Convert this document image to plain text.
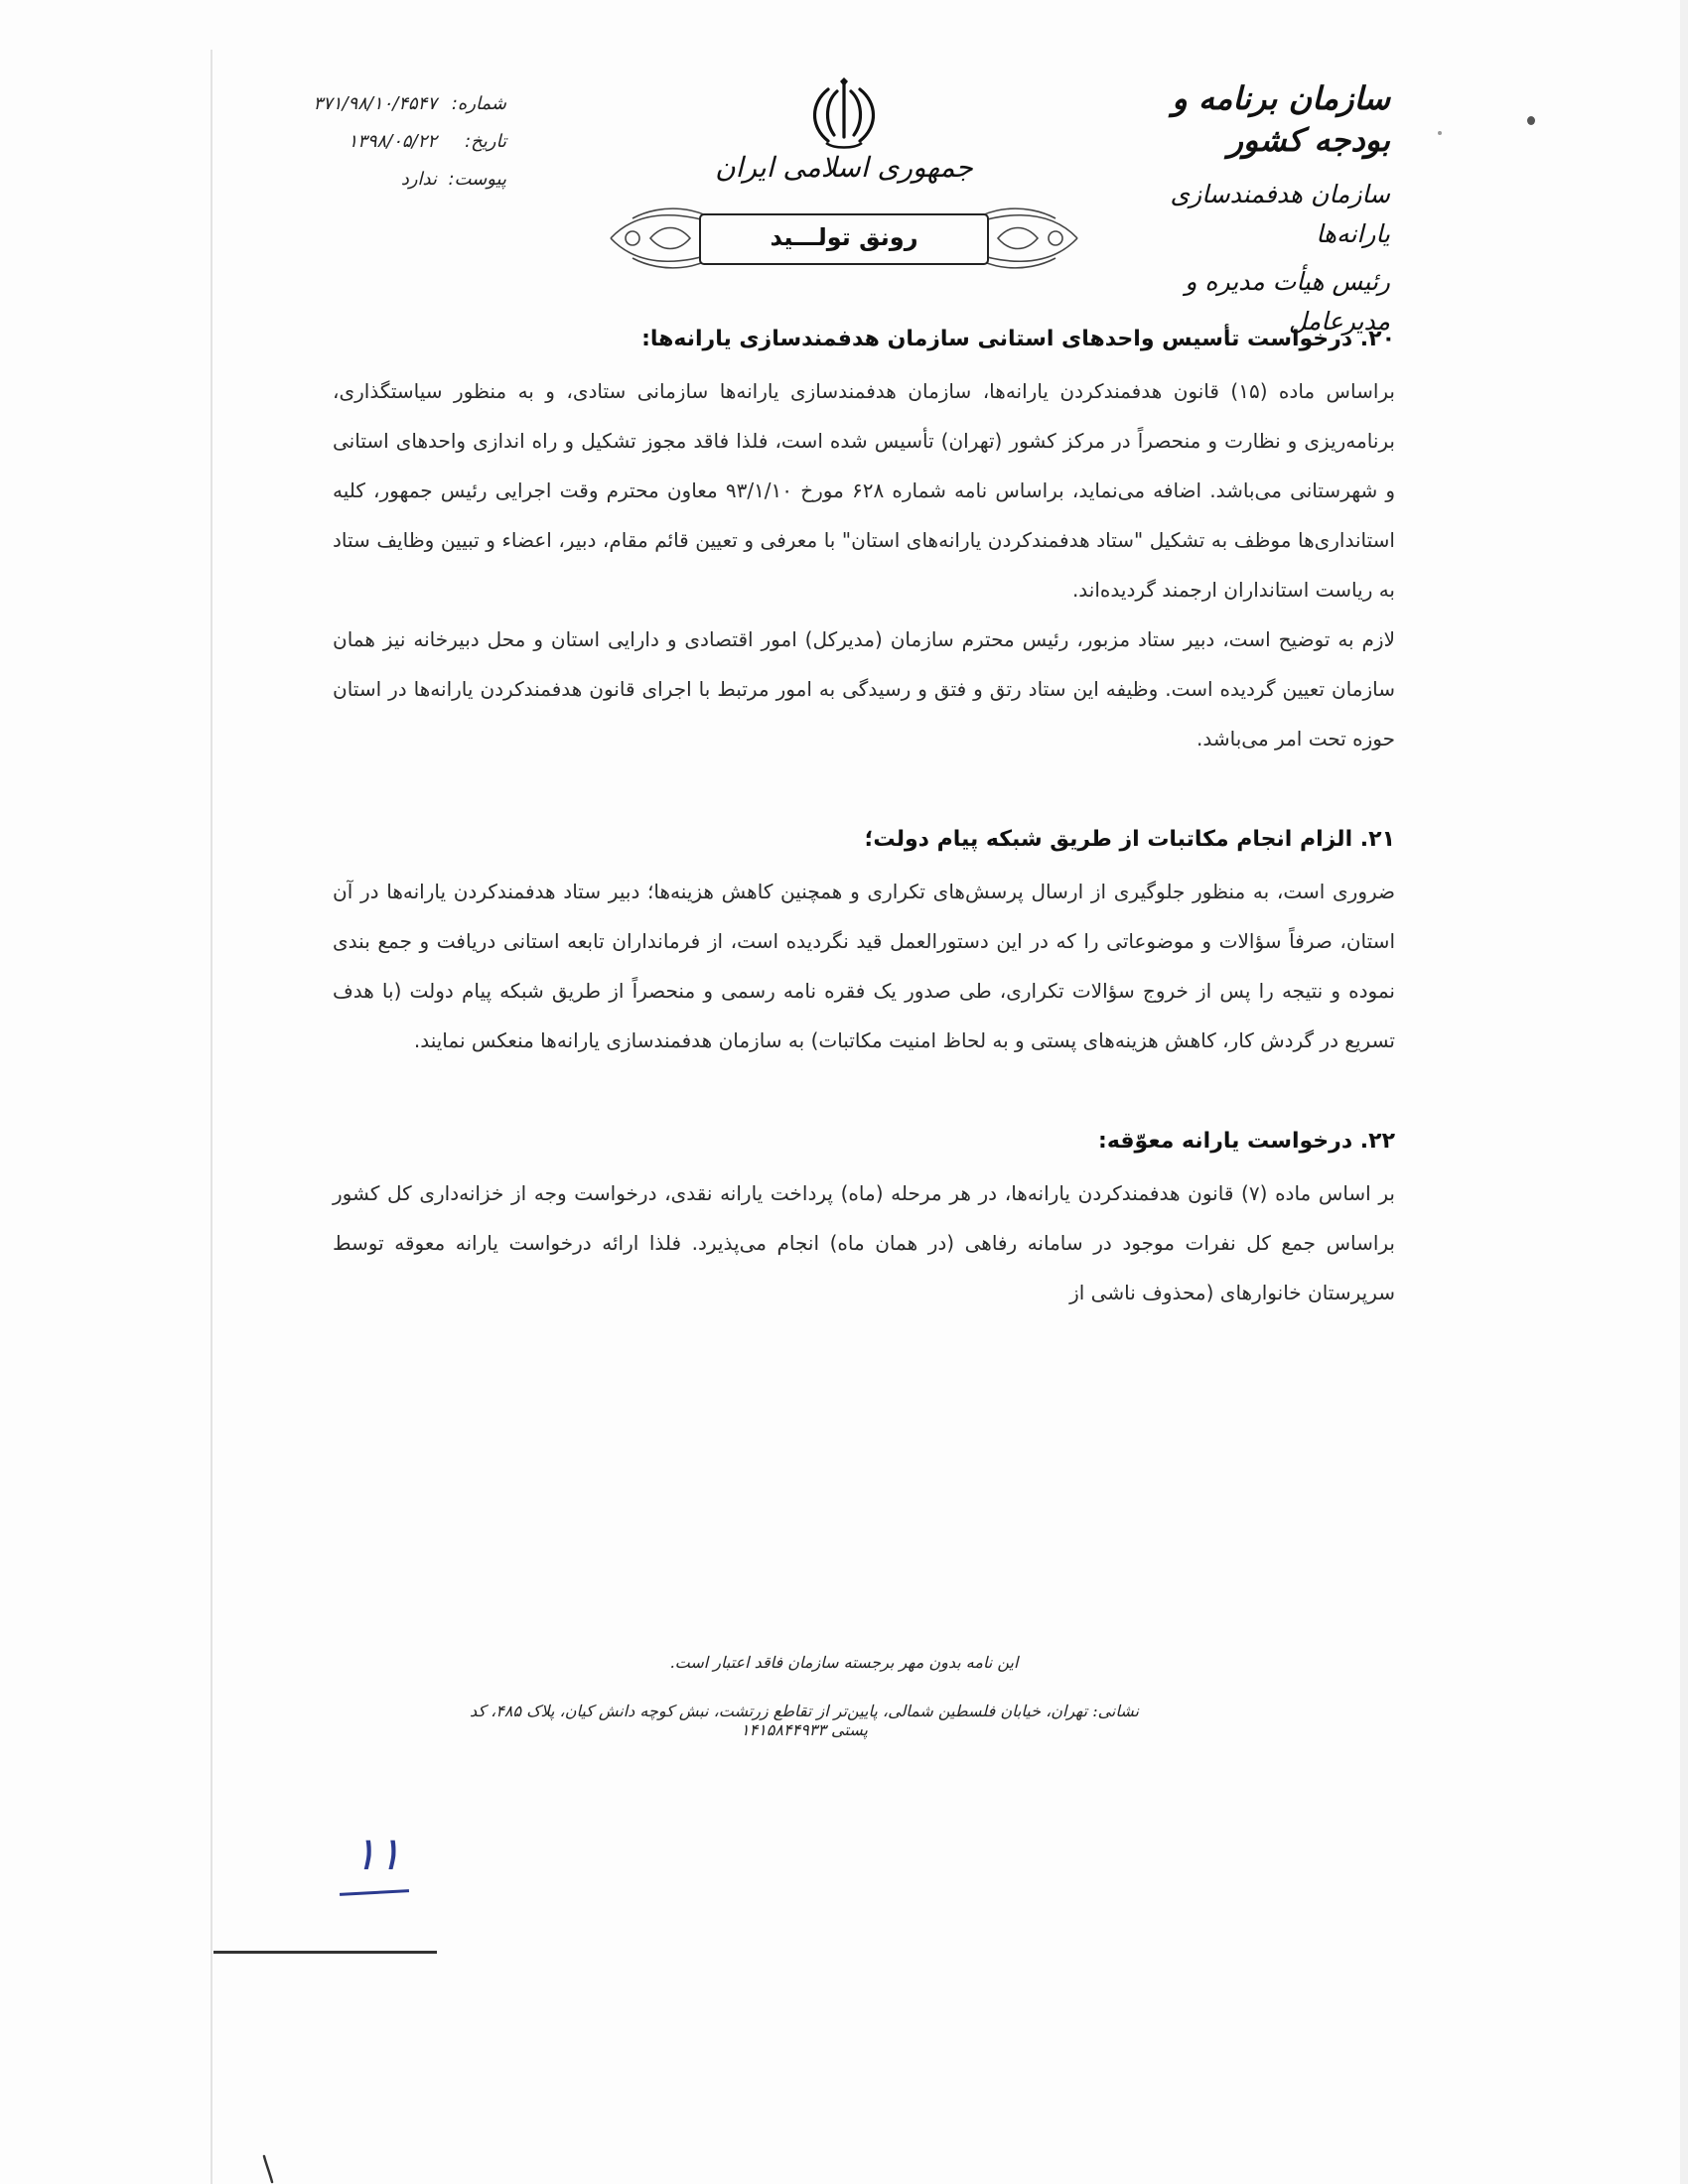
سازمان برنامه و بودجه کشور
سازمان هدفمندسازی یارانه‌ها
رئیس هیأت مدیره و مدیرعامل
شماره:
۳۷۱/۹۸/۱۰/۴۵۴۷
تاریخ:
۱۳۹۸/۰۵/۲۲
پیوست:
ندارد	جمهوری اسلامی ایران
رونق تولـــید
۲۰. درخواست تأسیس واحدهای استانی سازمان هدفمندسازی یارانه‌ها:

براساس ماده (۱۵) قانون هدفمندکردن یارانه‌ها، سازمان هدفمندسازی یارانه‌ها سازمانی ستادی، و به منظور سیاستگذاری، برنامه‌ریزی و نظارت و منحصراً در مرکز کشور (تهران) تأسیس شده است، فلذا فاقد مجوز تشکیل و راه اندازی واحدهای استانی و شهرستانی می‌باشد. اضافه می‌نماید، براساس نامه شماره ۶۲۸ مورخ ۹۳/۱/۱۰ معاون محترم وقت اجرایی رئیس جمهور، کلیه استانداری‌ها موظف به تشکیل "ستاد هدفمندکردن یارانه‌های استان" با معرفی و تعیین قائم مقام، دبیر، اعضاء و تبیین وظایف ستاد به ریاست استانداران ارجمند گردیده‌اند.

لازم به توضیح است، دبیر ستاد مزبور، رئیس محترم سازمان (مدیرکل) امور اقتصادی و دارایی استان و محل دبیرخانه نیز همان سازمان تعیین گردیده است. وظیفه این ستاد رتق و فتق و رسیدگی به امور مرتبط با اجرای قانون هدفمندکردن یارانه‌ها در استان حوزه تحت امر می‌باشد.

۲۱. الزام انجام مکاتبات از طریق شبکه پیام دولت؛

ضروری است، به منظور جلوگیری از ارسال پرسش‌های تکراری و همچنین کاهش هزینه‌ها؛ دبیر ستاد هدفمندکردن یارانه‌ها در آن استان، صرفاً سؤالات و موضوعاتی را که در این دستورالعمل قید نگردیده است، از فرمانداران تابعه استانی دریافت و جمع بندی نموده و نتیجه را پس از خروج سؤالات تکراری، طی صدور یک فقره نامه رسمی و منحصراً از طریق شبکه پیام دولت (با هدف تسریع در گردش کار، کاهش هزینه‌های پستی و به لحاظ امنیت مکاتبات) به سازمان هدفمندسازی یارانه‌ها منعکس نمایند.

۲۲. درخواست یارانه معوّقه:

بر اساس ماده (۷) قانون هدفمندکردن یارانه‌ها، در هر مرحله (ماه) پرداخت یارانه نقدی، درخواست وجه از خزانه‌داری کل کشور براساس جمع کل نفرات موجود در سامانه رفاهی (در همان ماه) انجام می‌پذیرد. فلذا ارائه درخواست یارانه معوقه توسط سرپرستان خانوارهای (محذوف ناشی از

این نامه بدون مهر برجسته سازمان فاقد اعتبار است.
نشانی: تهران، خیابان فلسطین شمالی، پایین‌تر از تقاطع زرتشت، نبش کوچه دانش کیان، پلاک ۴۸۵، کد پستی ۱۴۱۵۸۴۴۹۳۳
۱۱
